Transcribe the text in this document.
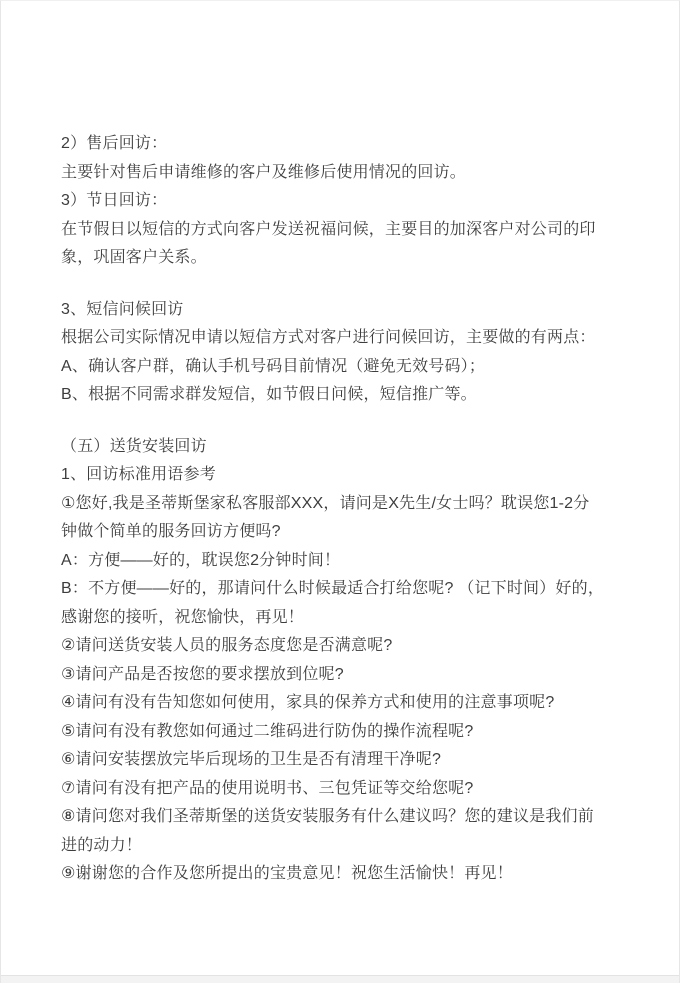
2）售后回访：
主要针对售后申请维修的客户及维修后使用情况的回访。
3）节日回访：
在节假日以短信的方式向客户发送祝福问候，主要目的加深客户对公司的印
象，巩固客户关系。
3、短信问候回访
根据公司实际情况申请以短信方式对客户进行问候回访，主要做的有两点：
A、确认客户群，确认手机号码目前情况（避免无效号码）；
B、根据不同需求群发短信，如节假日问候，短信推广等。
（五）送货安装回访
1、回访标准用语参考
①您好,我是圣蒂斯堡家私客服部XXX，请问是X先生/女士吗？耽误您1-2分
钟做个简单的服务回访方便吗?
A：方便——好的，耽误您2分钟时间！
B：不方便——好的，那请问什么时候最适合打给您呢? （记下时间）好的，
感谢您的接听，祝您愉快，再见！
②请问送货安装人员的服务态度您是否满意呢?
③请问产品是否按您的要求摆放到位呢?
④请问有没有告知您如何使用，家具的保养方式和使用的注意事项呢?
⑤请问有没有教您如何通过二维码进行防伪的操作流程呢?
⑥请问安装摆放完毕后现场的卫生是否有清理干净呢?
⑦请问有没有把产品的使用说明书、三包凭证等交给您呢?
⑧请问您对我们圣蒂斯堡的送货安装服务有什么建议吗？您的建议是我们前
进的动力！
⑨谢谢您的合作及您所提出的宝贵意见！祝您生活愉快！再见！
